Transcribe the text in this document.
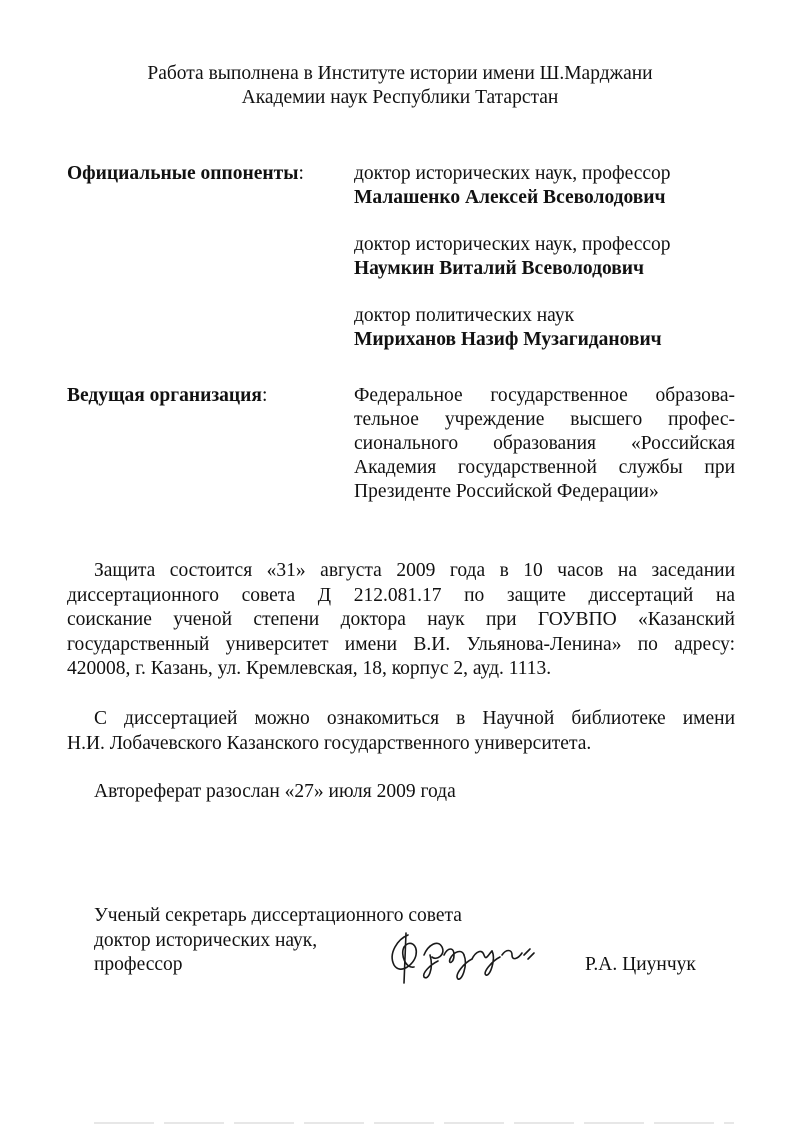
Работа выполнена в Институте истории имени Ш.Марджани
Академии наук Республики Татарстан
Официальные оппоненты:	доктор исторических наук, профессор
Малашенко Алексей Всеволодович
доктор исторических наук, профессор
Наумкин Виталий Всеволодович
доктор политических наук
Мириханов Назиф Музагиданович
Ведущая организация:	Федеральное государственное образова-
тельное учреждение высшего профес-
сионального образования «Российская
Академия государственной службы при
Президенте Российской Федерации»
Защита состоится «31» августа 2009 года в 10 часов на заседании
диссертационного совета Д 212.081.17 по защите диссертаций на
соискание ученой степени доктора наук при ГОУВПО «Казанский
государственный университет имени В.И. Ульянова-Ленина» по адресу:
420008, г. Казань, ул. Кремлевская, 18, корпус 2, ауд. 1113.
С диссертацией можно ознакомиться в Научной библиотеке имени
Н.И. Лобачевского Казанского государственного университета.
Автореферат разослан «27» июля 2009 года
Ученый секретарь диссертационного совета
доктор исторических наук,
профессор	Р.А. Циунчук
